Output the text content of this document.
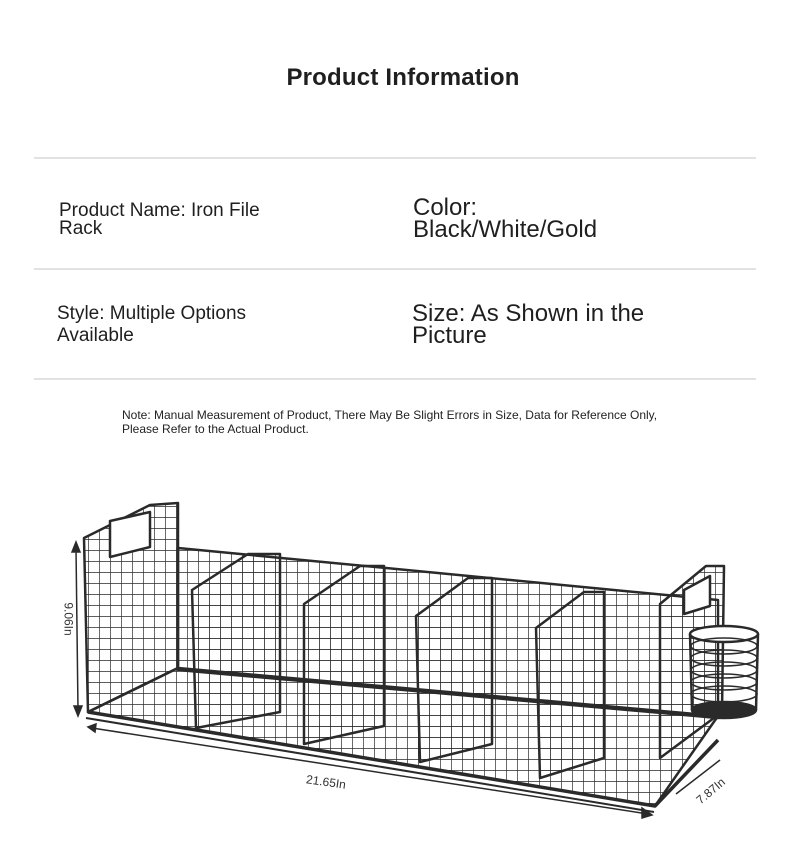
Product Information
Product Name: Iron File Rack
Color: Black/White/Gold
Style: Multiple Options Available
Size: As Shown in the Picture
Note: Manual Measurement of Product, There May Be Slight Errors in Size, Data for Reference Only, Please Refer to the Actual Product.
9.06In
21.65In	7.87In
